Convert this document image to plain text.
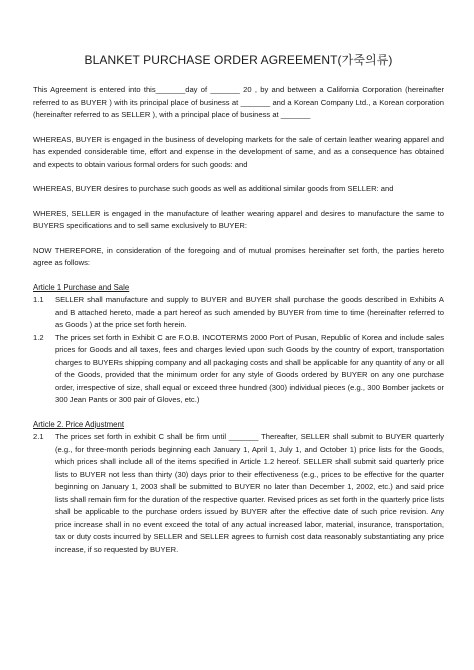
BLANKET PURCHASE ORDER AGREEMENT(가죽의류)

This Agreement is entered into this_______day of _______ 20 , by and between a California Corporation (hereinafter referred to as BUYER ) with its principal place of business at _______ and a Korean Company Ltd., a Korean corporation (hereinafter referred to as SELLER ), with a principal place of business at _______

WHEREAS, BUYER is engaged in the business of developing markets for the sale of certain leather wearing apparel and has expended considerable time, effort and expense in the development of same, and as a consequence has obtained and expects to obtain various formal orders for such goods: and

WHEREAS, BUYER desires to purchase such goods as well as additional similar goods from SELLER: and

WHERES, SELLER is engaged in the manufacture of leather wearing apparel and desires to manufacture the same to BUYERS specifications and to sell same exclusively to BUYER:

NOW THEREFORE, in consideration of the foregoing and of mutual promises hereinafter set forth, the parties hereto agree as follows:

Article 1 Purchase and Sale

1.1	SELLER shall manufacture and supply to BUYER and BUYER shall purchase the goods described in Exhibits A and B attached hereto, made a part hereof as such amended by BUYER from time to time (hereinafter referred to as Goods ) at the price set forth herein.
1.2	The prices set forth in Exhibit C are F.O.B. INCOTERMS 2000 Port of Pusan, Republic of Korea and include sales prices for Goods and all taxes, fees and charges levied upon such Goods by the country of export, transportation charges to BUYERs shipping company and all packaging costs and shall be applicable for any quantity of any or all of the Goods, provided that the minimum order for any style of Goods ordered by BUYER on any one purchase order, irrespective of size, shall equal or exceed three hundred (300) individual pieces (e.g., 300 Bomber jackets or 300 Jean Pants or 300 pair of Gloves, etc.)

Article 2. Price Adjustment

2.1	The prices set forth in exhibit C shall be firm until _______ Thereafter, SELLER shall submit to BUYER quarterly (e.g., for three-month periods beginning each January 1, April 1, July 1, and October 1) price lists for the Goods, which prices shall include all of the items specified in Article 1.2 hereof. SELLER shall submit said quarterly price lists to BUYER not less than thirty (30) days prior to their effectiveness (e.g., prices to be effective for the quarter beginning on January 1, 2003 shall be submitted to BUYER no later than December 1, 2002, etc.) and said price lists shall remain firm for the duration of the respective quarter. Revised prices as set forth in the quarterly price lists shall be applicable to the purchase orders issued by BUYER after the effective date of such price revision. Any price increase shall in no event exceed the total of any actual increased labor, material, insurance, transportation, tax or duty costs incurred by SELLER and SELLER agrees to furnish cost data reasonably substantiating any price increase, if so requested by BUYER.
